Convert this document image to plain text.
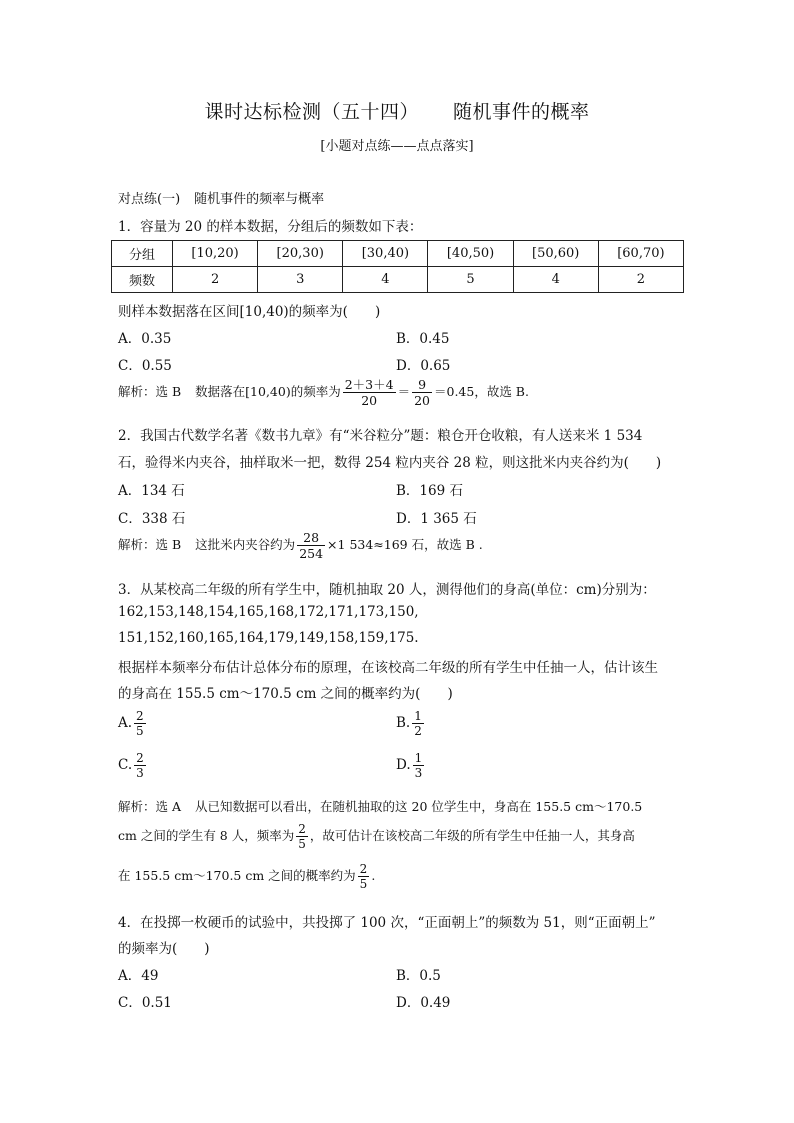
课时达标检测（五十四） 随机事件的概率
[小题对点练——点点落实]
对点练(一) 随机事件的频率与概率
1．容量为 20 的样本数据，分组后的频数如下表：
分组	[10,20)	[20,30)	[30,40)	[40,50)	[50,60)	[60,70)
频数	2	3	4	5	4	2
则样本数据落在区间[10,40)的频率为(　　)
A．0.35	B．0.45
C．0.55	D．0.65
解析：选 B 数据落在[10,40)的频率为 $\frac{2+3+4}{20} = \frac{9}{20} =0.45$，故选 B.
2．我国古代数学名著《数书九章》有“米谷粒分”题：粮仓开仓收粮，有人送来米 1 534
石，验得米内夹谷，抽样取米一把，数得 254 粒内夹谷 28 粒，则这批米内夹谷约为(　　)
A．134 石	B．169 石
C．338 石	D．1 365 石
解析：选 B 这批米内夹谷约为 $\frac{28}{254} \times 1$ 534≈169 石，故选 B .
3．从某校高二年级的所有学生中，随机抽取 20 人，测得他们的身高(单位：cm)分别为：
162,153,148,154,165,168,172,171,173,150,
151,152,160,165,164,179,149,158,159,175.
根据样本频率分布估计总体分布的原理，在该校高二年级的所有学生中任抽一人，估计该生
的身高在 155.5 cm～170.5 cm 之间的概率约为(　　)
A. $\frac{2}{5}$	B. $\frac{1}{2}$
C. $\frac{2}{3}$	D. $\frac{1}{3}$
解析：选 A 从已知数据可以看出，在随机抽取的这 20 位学生中，身高在 155.5 cm～170.5
cm 之间的学生有 8 人，频率为 $\frac{2}{5}$ ，故可估计在该校高二年级的所有学生中任抽一人，其身高
在 155.5 cm～170.5 cm 之间的概率约为 $\frac{2}{5}$ .
4．在投掷一枚硬币的试验中，共投掷了 100 次，“正面朝上”的频数为 51，则“正面朝上”
的频率为(　　)
A．49	B．0.5
C．0.51	D．0.49
